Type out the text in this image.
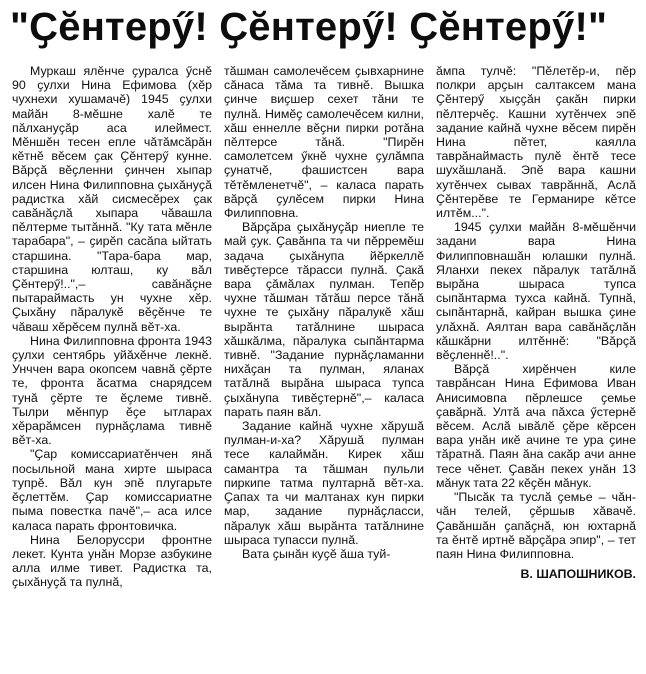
"Ҫĕнтерӳ! Ҫĕнтерӳ! Ҫĕнтерӳ!"

Муркаш ялĕнче ҫуралса ӳснĕ 90 ҫулхи Нина Ефимова (хĕр чухнехи хушамачĕ) 1945 ҫулхи майăн 8-мĕшне халĕ те пăлхануҫăр аса илеймест. Мĕншĕн тесен епле чăтăмсăрăн кĕтнĕ вĕсем ҫак Ҫĕнтерӳ кунне. Вăрçă вĕҫленни ҫинчен хыпар илсен Нина Филипповна ҫыхăнуҫă радистка хăй сисмесĕрех ҫак савăнăҫлă хыпара чăвашла пĕлтерме тытăннă. "Ку тата мĕнле тарабара", – ҫирĕп сасăпа ыйтать старшина. "Тара-бара мар, старшина юлташ, ку вăл Ҫĕнтерӳ!..",– савăнăҫне пытараймасть ун чухне хĕр. Ҫыхăну пăралукĕ вĕҫĕнче те чăваш хĕрĕсем пулнă вĕт-ха.

Нина Филипповна фронта 1943 ҫулхи сентябрь уйăхĕнче лекнĕ. Унччен вара окопсем чавнă ҫĕрте те, фронта ăсатма снарядсем тунă ҫĕрте те ĕҫлеме тивнĕ. Тылри мĕнпур ĕҫе ытларах хĕрарăмсен пурнăҫлама тивнĕ вĕт-ха.

"Ҫар комиссариатĕнчен янă посыльной мана хирте шыраса тупрĕ. Вăл кун эпĕ плугарьте ĕҫлеттĕм. Ҫар комиссариатне пыма повестка пачĕ",– аса илсе каласа парать фронтовичка.

Нина Белоруссри фронтне лекет. Кунта унăн Морзе азбукине алла илме тивет. Радистка та, ҫыхăнуҫă та пулнă,

тăшман самолечĕсем ҫывхарнине сăнаса тăма та тивнĕ. Вышка ҫинче виҫшер сехет тăни те пулнă. Нимĕҫ самолечĕсем килни, хăш еннелле вĕҫни пирки ротăна пĕлтерсе тăнă. "Пирĕн самолетсем ӳкнĕ чухне ҫулăмпа ҫунатчĕ, фашистсен вара тĕтĕмленетчĕ", – каласа парать вăрçă ҫулĕсем пирки Нина Филипповна.

Вăрçăра ҫыхăнуҫăр ниепле те май ҫук. Ҫавăнпа та чи пĕрремĕш задача ҫыхăнупа йĕркеллĕ тивĕҫтерсе тăрасси пулнă. Ҫакă вара ҫăмăлах пулман. Тепĕр чухне тăшман тăтăш персе тăнă чухне те ҫыхăну пăралукĕ хăш вырăнта татăлнине шыраса хăшкăлма, пăралука сыпăнтарма тивнĕ. "Задание пурнăҫламанни нихăҫан та пулман, яланах татăлнă вырăна шыраса тупса ҫыхăнупа тивĕҫтернĕ",– каласа парать паян вăл.

Задание кайнă чухне хăрушă пулман-и-ха? Хăрушă пулман тесе калаймăн. Кирек хăш самантра та тăшман пульли пиркипе татма пултарнă вĕт-ха. Ҫапах та чи малтанах кун пирки мар, задание пурнăҫласси, пăралук хăш вырăнта татăлнине шыраса тупасси пулнă.

Вата ҫынăн куҫĕ ăша туй-

ăмпа тулчĕ: "Пĕлетĕр-и, пĕр полкри арҫын салтаксем мана Ҫĕнтерӳ хыҫҫăн ҫакăн пирки пĕлтерчĕҫ. Кашни хутĕнчех эпĕ задание кайнă чухне вĕсем пирĕн Нина пĕтет, каялла таврăнаймасть пулĕ ĕнтĕ тесе шухăшланă. Эпĕ вара кашни хутĕнчех сывах таврăннă, Аслă Ҫĕнтерĕве те Германире кĕтсе илтĕм...".

1945 ҫулхи майăн 8-мĕшĕнчи задани вара Нина Филипповнашăн юлашки пулнă. Яланхи пекех пăралук татăлнă вырăна шыраса тупса сыпăнтарма тухса кайнă. Тупнă, сыпăнтарнă, кайран вышка ҫине улăхнă. Аялтан вара савăнăҫлăн кăшкăрни илтĕннĕ: "Вăрçă вĕҫленнĕ!..".

Вăрçă хирĕнчен киле таврăнсан Нина Ефимова Иван Анисимовпа пĕрлешсе ҫемье ҫавăрнă. Ултă ача пăхса ӳстернĕ вĕсем. Аслă ывăлĕ ҫĕре кĕрсен вара унăн икĕ ачине те ура ҫине тăратнă. Паян ăна сакăр ачи анне тесе чĕнет. Ҫавăн пекех унăн 13 мăнук тата 22 кĕҫĕн мăнук.

"Пысăк та туслă ҫемье – чăн-чăн телей, ҫĕршыв хăвачĕ. Ҫавăншăн ҫапăҫнă, юн юхтарнă та ĕнтĕ иртнĕ вăрçăра эпир", – тет паян Нина Филипповна.

В. ШАПОШНИКОВ.
